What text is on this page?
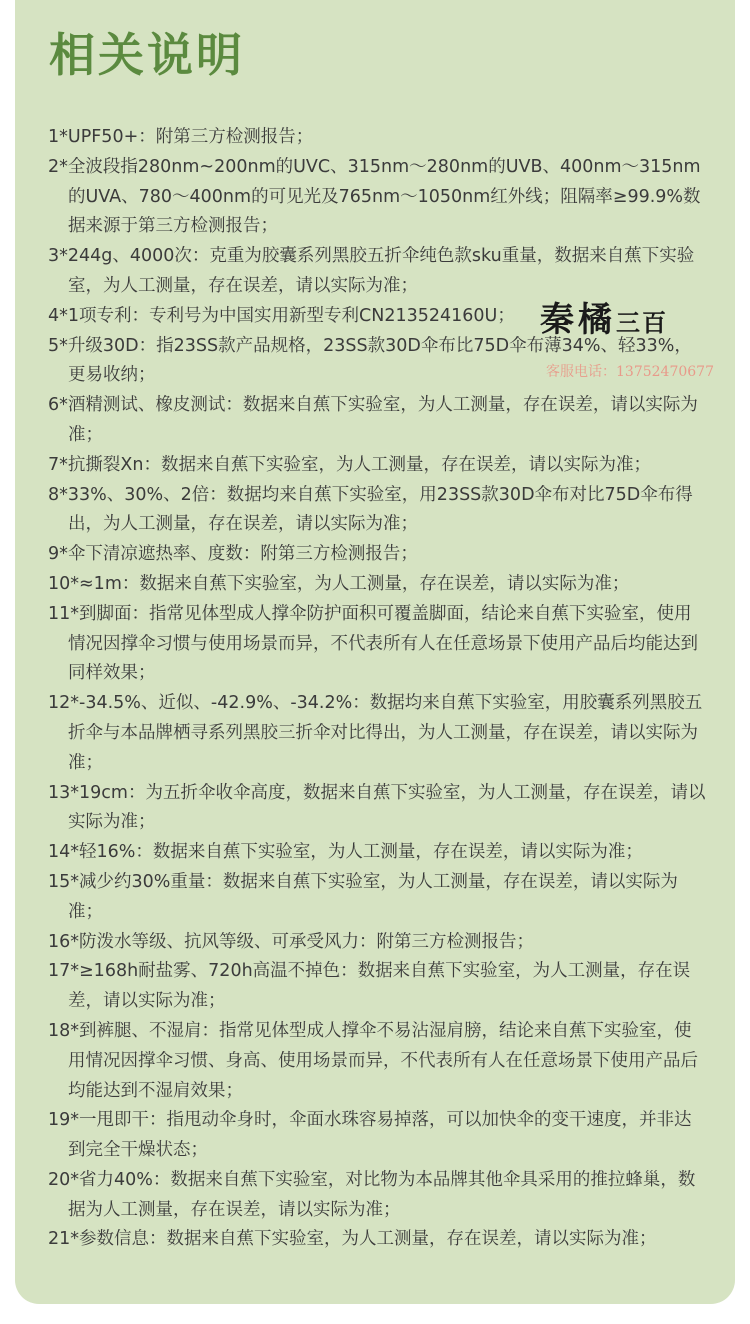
相关说明
1*UPF50+：附第三方检测报告；
2*全波段指280nm~200nm的UVC、315nm～280nm的UVB、400nm～315nm的UVA、780～400nm的可见光及765nm～1050nm红外线；阻隔率≥99.9%数据来源于第三方检测报告；
3*244g、4000次：克重为胶囊系列黑胶五折伞纯色款sku重量，数据来自蕉下实验室，为人工测量，存在误差，请以实际为准；
4*1项专利：专利号为中国实用新型专利CN213524160U；
5*升级30D：指23SS款产品规格，23SS款30D伞布比75D伞布薄34%、轻33%，更易收纳；
6*酒精测试、橡皮测试：数据来自蕉下实验室，为人工测量，存在误差，请以实际为准；
7*抗撕裂Xn：数据来自蕉下实验室，为人工测量，存在误差，请以实际为准；
8*33%、30%、2倍：数据均来自蕉下实验室，用23SS款30D伞布对比75D伞布得出，为人工测量，存在误差，请以实际为准；
9*伞下清凉遮热率、度数：附第三方检测报告；
10*≈1m：数据来自蕉下实验室，为人工测量，存在误差，请以实际为准；
11*到脚面：指常见体型成人撑伞防护面积可覆盖脚面，结论来自蕉下实验室，使用情况因撑伞习惯与使用场景而异，不代表所有人在任意场景下使用产品后均能达到同样效果；
12*-34.5%、近似、-42.9%、-34.2%：数据均来自蕉下实验室，用胶囊系列黑胶五折伞与本品牌栖寻系列黑胶三折伞对比得出，为人工测量，存在误差，请以实际为准；
13*19cm：为五折伞收伞高度，数据来自蕉下实验室，为人工测量，存在误差，请以实际为准；
14*轻16%：数据来自蕉下实验室，为人工测量，存在误差，请以实际为准；
15*减少约30%重量：数据来自蕉下实验室，为人工测量，存在误差，请以实际为准；
16*防泼水等级、抗风等级、可承受风力：附第三方检测报告；
17*≥168h耐盐雾、720h高温不掉色：数据来自蕉下实验室，为人工测量，存在误差，请以实际为准；
18*到裤腿、不湿肩：指常见体型成人撑伞不易沾湿肩膀，结论来自蕉下实验室，使用情况因撑伞习惯、身高、使用场景而异，不代表所有人在任意场景下使用产品后均能达到不湿肩效果；
19*一甩即干：指甩动伞身时，伞面水珠容易掉落，可以加快伞的变干速度，并非达到完全干燥状态；
20*省力40%：数据来自蕉下实验室，对比物为本品牌其他伞具采用的推拉蜂巢，数据为人工测量，存在误差，请以实际为准；
21*参数信息：数据来自蕉下实验室，为人工测量，存在误差，请以实际为准；
秦橘三百
客服电话：13752470677
